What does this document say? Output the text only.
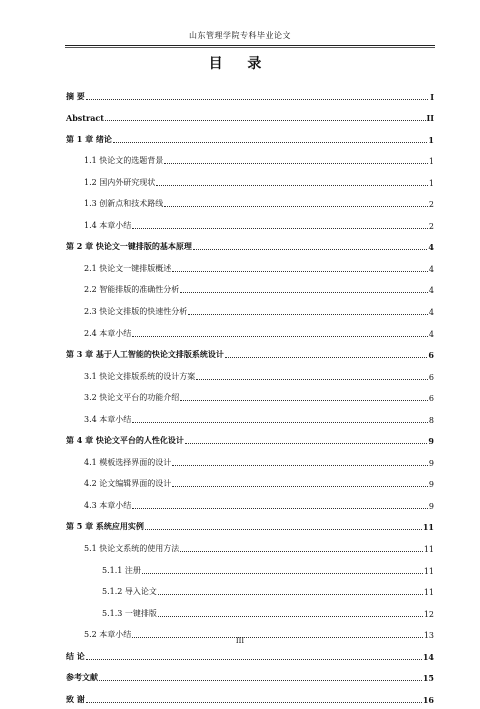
山东管理学院专科毕业论文
目 录
摘 要	I
Abstract	II
第 1 章 绪论	1
1.1 快论文的选题背景	1
1.2 国内外研究现状	1
1.3 创新点和技术路线	2
1.4 本章小结	2
第 2 章 快论文一键排版的基本原理	4
2.1 快论文一键排版概述	4
2.2 智能排版的准确性分析	4
2.3 快论文排版的快速性分析	4
2.4 本章小结	4
第 3 章 基于人工智能的快论文排版系统设计	6
3.1 快论文排版系统的设计方案	6
3.2 快论文平台的功能介绍	6
3.4 本章小结	8
第 4 章 快论文平台的人性化设计	9
4.1 模板选择界面的设计	9
4.2 论文编辑界面的设计	9
4.3 本章小结	9
第 5 章 系统应用实例	11
5.1 快论文系统的使用方法	11
5.1.1 注册	11
5.1.2 导入论文	11
5.1.3 一键排版	12
5.2 本章小结	13
结 论	14
参考文献	15
致 谢	16
III
